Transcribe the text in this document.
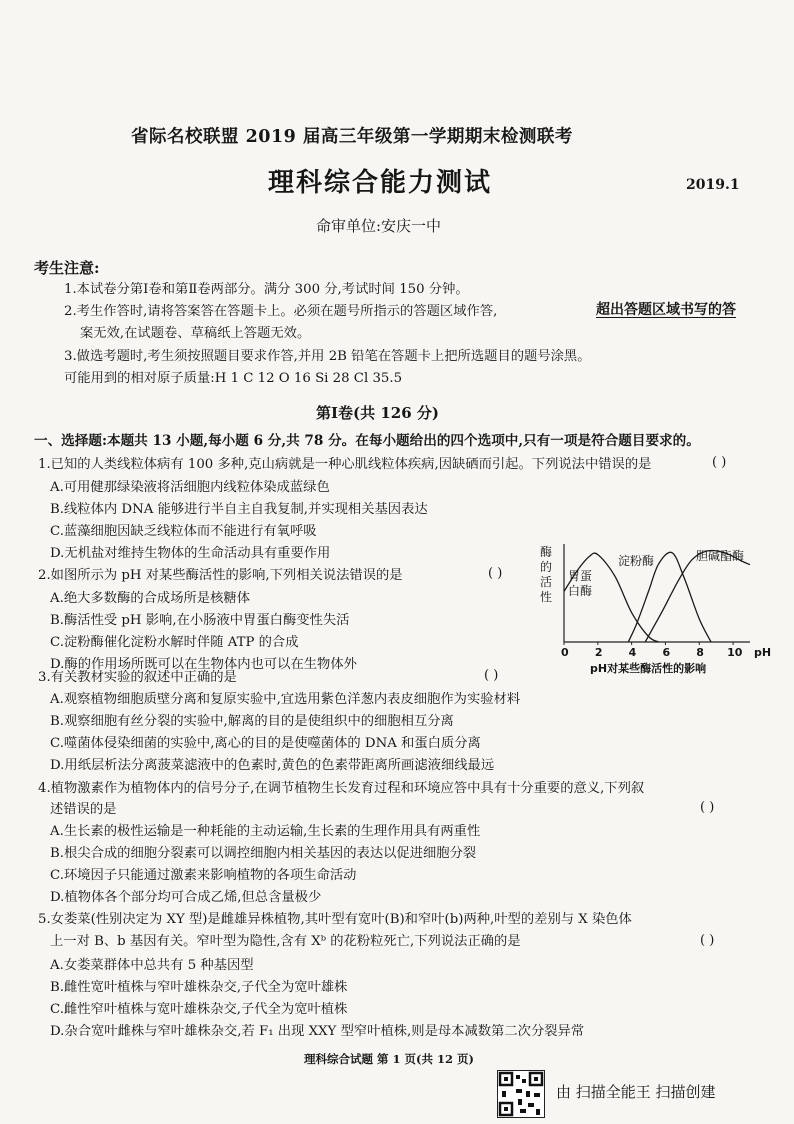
省际名校联盟 2019 届高三年级第一学期期末检测联考
理科综合能力测试	2019.1
命审单位:安庆一中
考生注意:
1.本试卷分第Ⅰ卷和第Ⅱ卷两部分。满分 300 分,考试时间 150 分钟。
2.考生作答时,请将答案答在答题卡上。必须在题号所指示的答题区域作答,	超出答题区域书写的答
案无效,在试题卷、草稿纸上答题无效。
3.做选考题时,考生须按照题目要求作答,并用 2B 铅笔在答题卡上把所选题目的题号涂黑。
可能用到的相对原子质量:H 1 C 12 O 16 Si 28 Cl 35.5
第Ⅰ卷(共 126 分)
一、选择题:本题共 13 小题,每小题 6 分,共 78 分。在每小题给出的四个选项中,只有一项是符合题目要求的。
1.已知的人类线粒体病有 100 多种,克山病就是一种心肌线粒体疾病,因缺硒而引起。下列说法中错误的是	( )
A.可用健那绿染液将活细胞内线粒体染成蓝绿色
B.线粒体内 DNA 能够进行半自主自我复制,并实现相关基因表达
C.蓝藻细胞因缺乏线粒体而不能进行有氧呼吸
D.无机盐对维持生物体的生命活动具有重要作用
2.如图所示为 pH 对某些酶活性的影响,下列相关说法错误的是	( )
A.绝大多数酶的合成场所是核糖体
B.酶活性受 pH 影响,在小肠液中胃蛋白酶变性失活
C.淀粉酶催化淀粉水解时伴随 ATP 的合成
D.酶的作用场所既可以在生物体内也可以在生物体外
酶
的
活
性
0 2 4 6 8 10
胃蛋
白酶
淀粉酶	胆碱酯酶
pH
pH对某些酶活性的影响
3.有关教材实验的叙述中正确的是	( )
A.观察植物细胞质壁分离和复原实验中,宜选用紫色洋葱内表皮细胞作为实验材料
B.观察细胞有丝分裂的实验中,解离的目的是使组织中的细胞相互分离
C.噬菌体侵染细菌的实验中,离心的目的是使噬菌体的 DNA 和蛋白质分离
D.用纸层析法分离菠菜滤液中的色素时,黄色的色素带距离所画滤液细线最远
4.植物激素作为植物体内的信号分子,在调节植物生长发育过程和环境应答中具有十分重要的意义,下列叙
述错误的是	( )
A.生长素的极性运输是一种耗能的主动运输,生长素的生理作用具有两重性
B.根尖合成的细胞分裂素可以调控细胞内相关基因的表达以促进细胞分裂
C.环境因子只能通过激素来影响植物的各项生命活动
D.植物体各个部分均可合成乙烯,但总含量极少
5.女娄菜(性别决定为 XY 型)是雌雄异株植物,其叶型有宽叶(B)和窄叶(b)两种,叶型的差别与 X 染色体
上一对 B、b 基因有关。窄叶型为隐性,含有 Xᵇ 的花粉粒死亡,下列说法正确的是	( )
A.女娄菜群体中总共有 5 种基因型
B.雌性宽叶植株与窄叶雄株杂交,子代全为宽叶雄株
C.雌性窄叶植株与宽叶雄株杂交,子代全为宽叶植株
D.杂合宽叶雌株与窄叶雄株杂交,若 F₁ 出现 XXY 型窄叶植株,则是母本减数第二次分裂异常
理科综合试题 第 1 页(共 12 页)
由 扫描全能王 扫描创建
